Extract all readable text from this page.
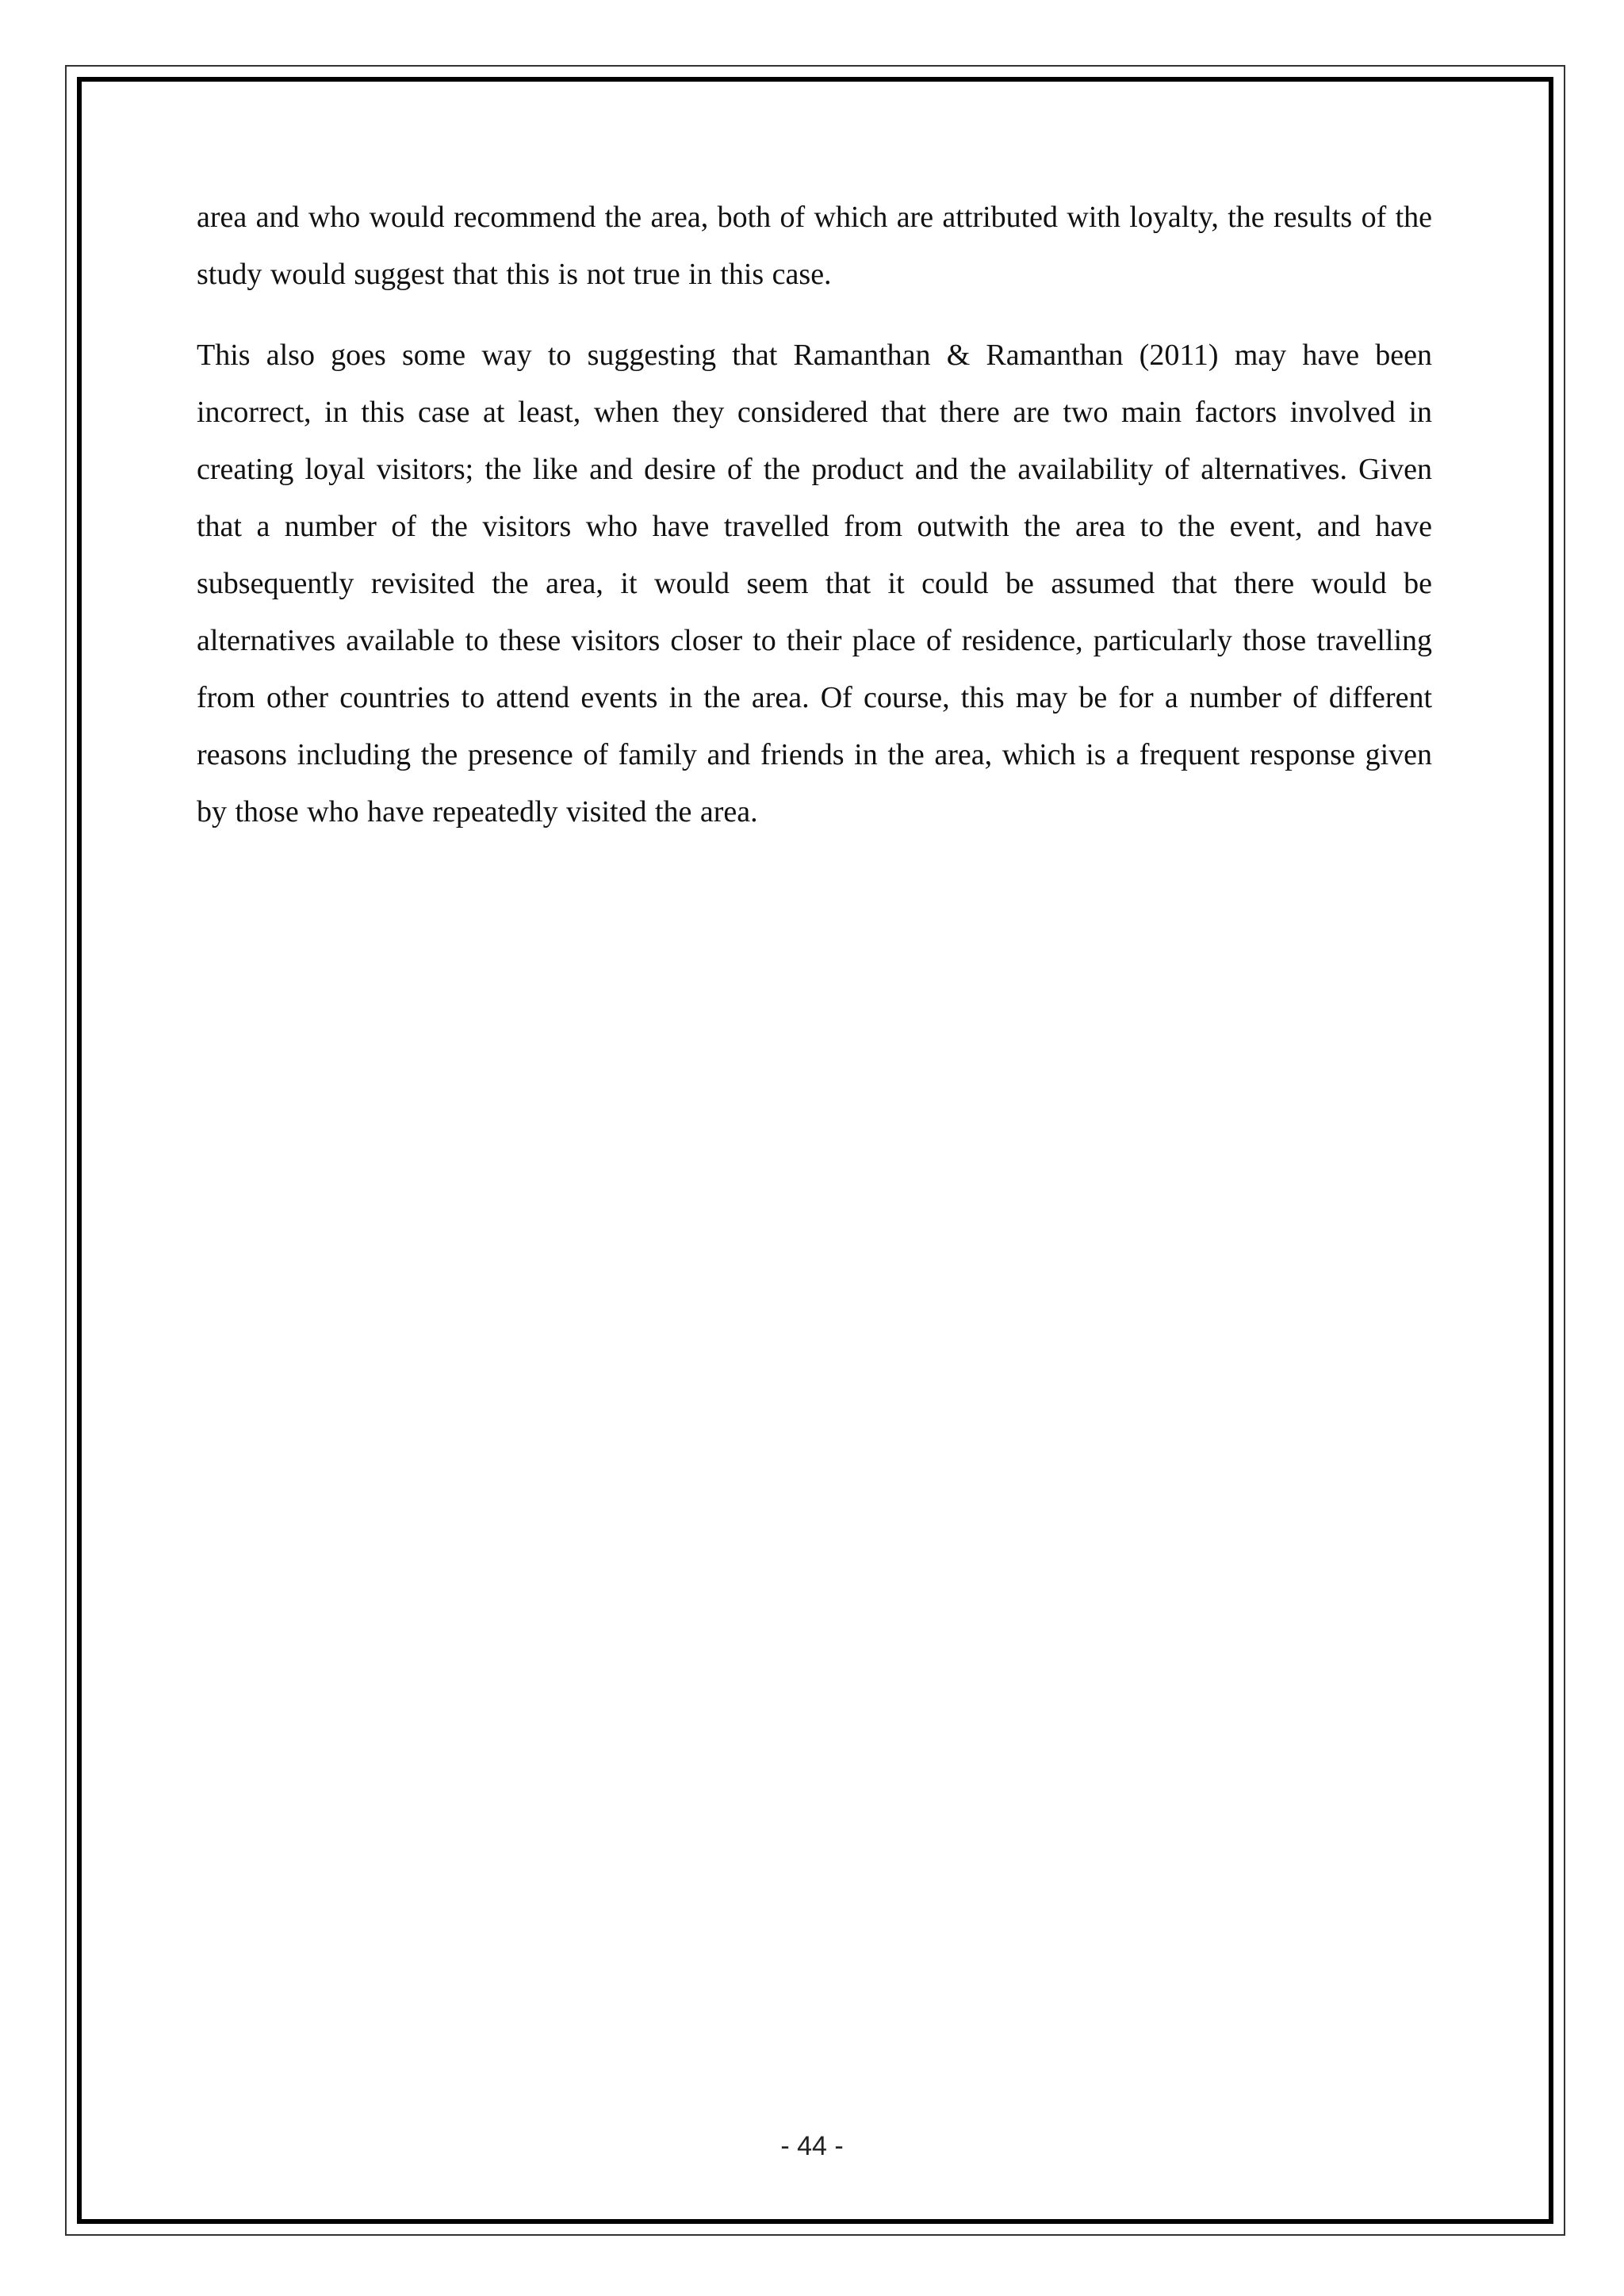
area and who would recommend the area, both of which are attributed with loyalty, the results of the study would suggest that this is not true in this case.

This also goes some way to suggesting that Ramanthan & Ramanthan (2011) may have been incorrect, in this case at least, when they considered that there are two main factors involved in creating loyal visitors; the like and desire of the product and the availability of alternatives. Given that a number of the visitors who have travelled from outwith the area to the event, and have subsequently revisited the area, it would seem that it could be assumed that there would be alternatives available to these visitors closer to their place of residence, particularly those travelling from other countries to attend events in the area. Of course, this may be for a number of different reasons including the presence of family and friends in the area, which is a frequent response given by those who have repeatedly visited the area.

- 44 -
